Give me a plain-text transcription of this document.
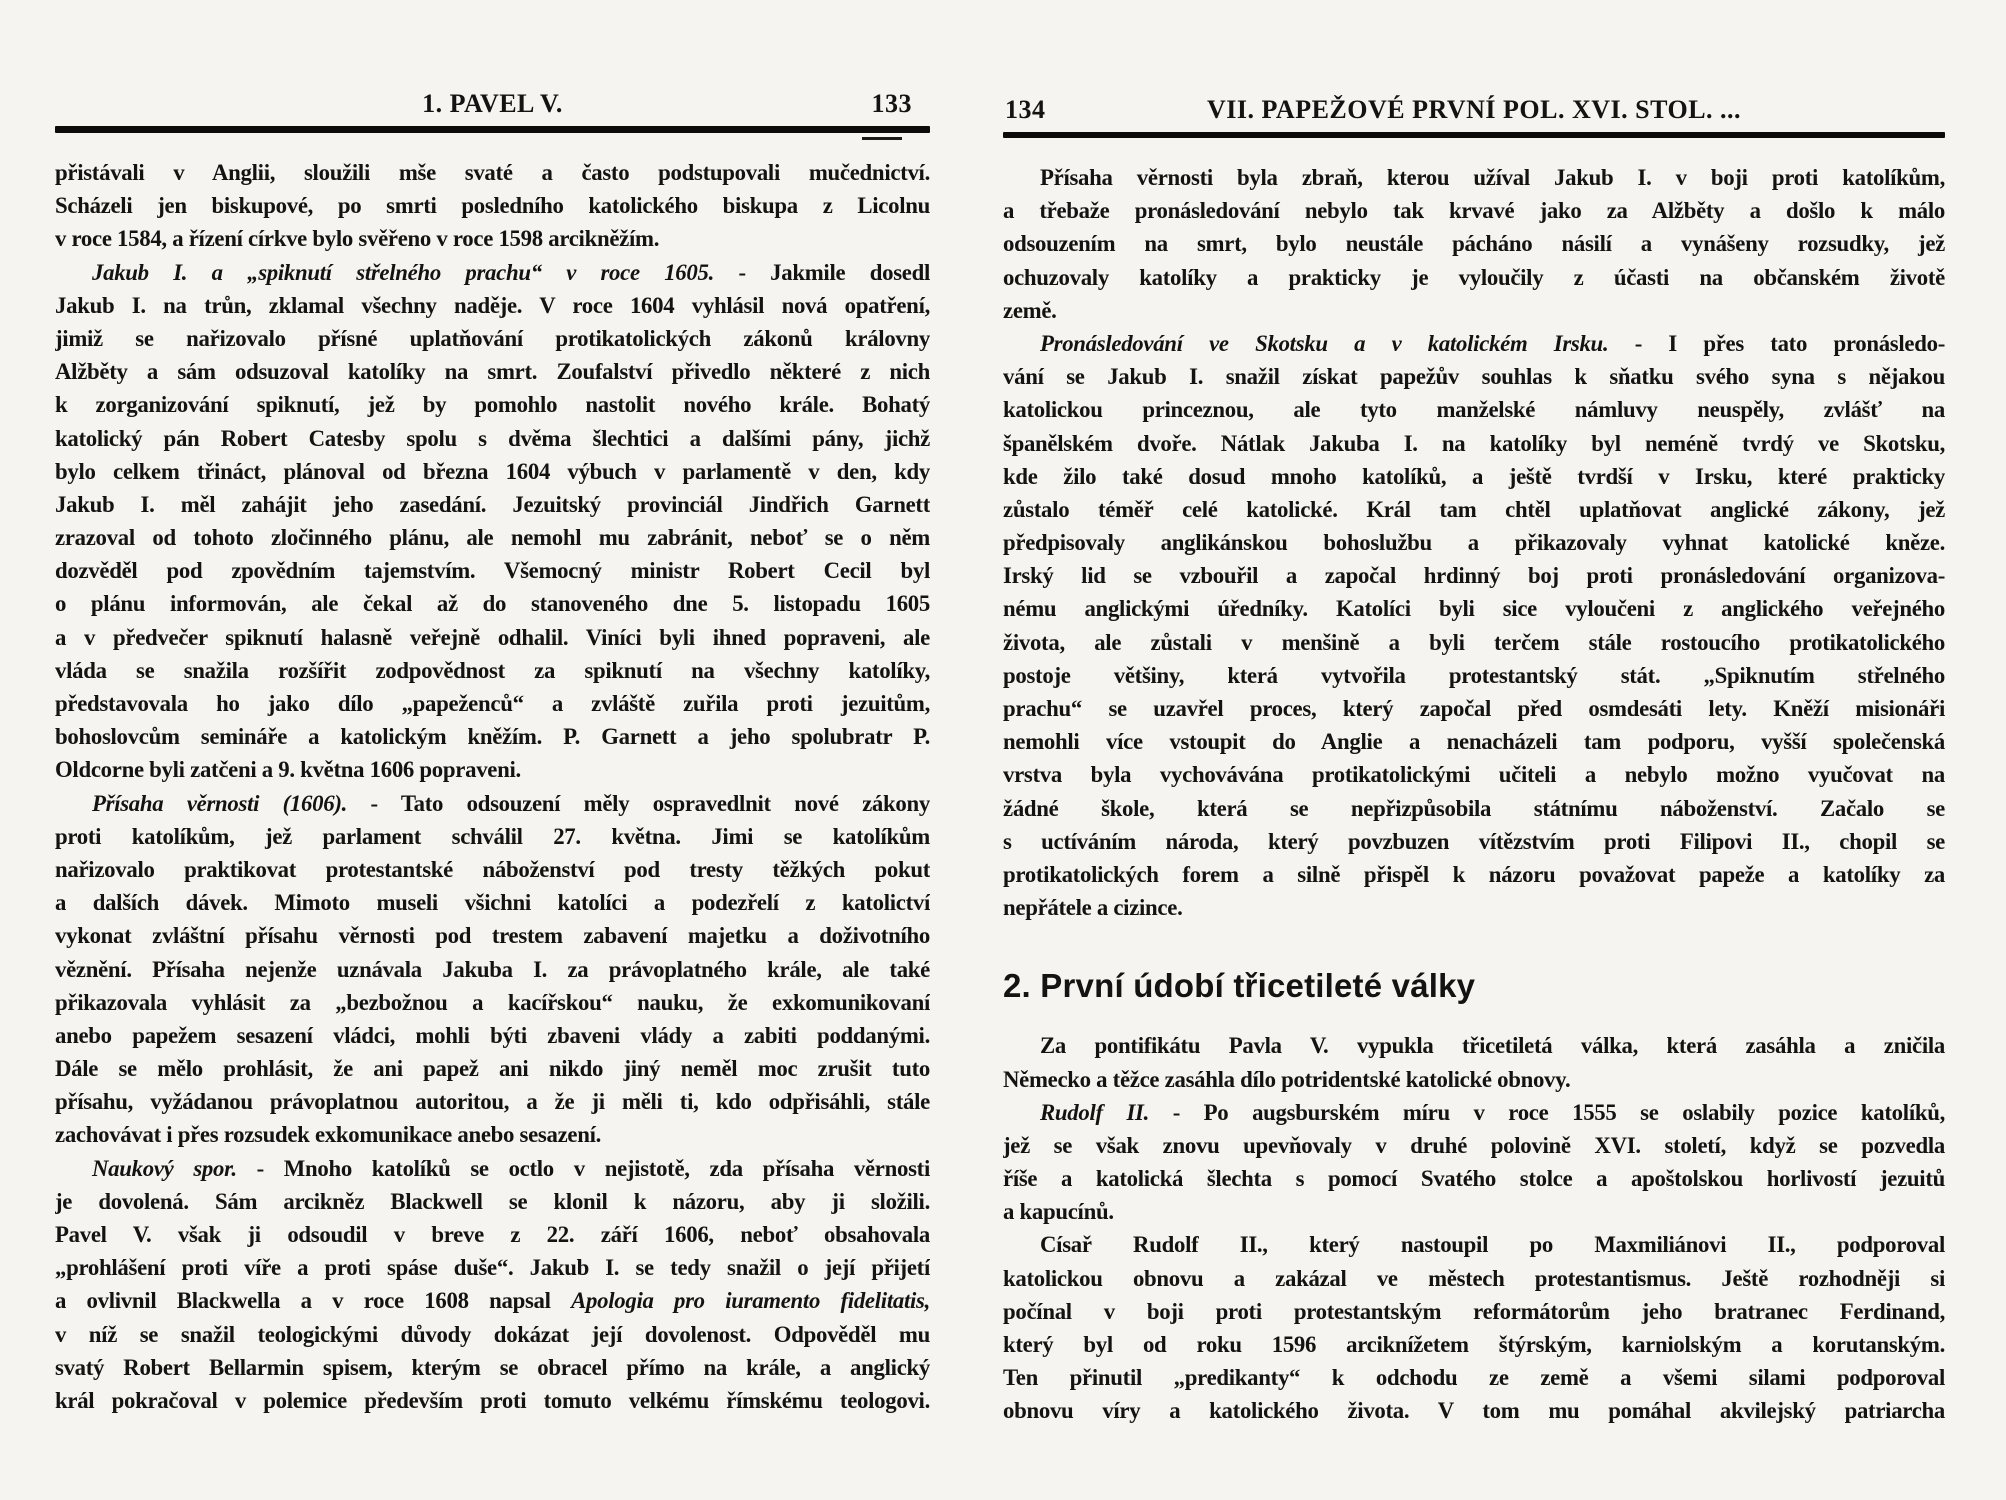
1. PAVEL V.	133
přistávali v Anglii, sloužili mše svaté a často podstupovali mučednictví.
Scházeli jen biskupové, po smrti posledního katolického biskupa z Licolnu
v roce 1584, a řízení církve bylo svěřeno v roce 1598 arcikněžím.
Jakub I. a „spiknutí střelného prachu“ v roce 1605. - Jakmile dosedl
Jakub I. na trůn, zklamal všechny naděje. V roce 1604 vyhlásil nová opatření,
jimiž se nařizovalo přísné uplatňování protikatolických zákonů královny
Alžběty a sám odsuzoval katolíky na smrt. Zoufalství přivedlo některé z nich
k zorganizování spiknutí, jež by pomohlo nastolit nového krále. Bohatý
katolický pán Robert Catesby spolu s dvěma šlechtici a dalšími pány, jichž
bylo celkem třináct, plánoval od března 1604 výbuch v parlamentě v den, kdy
Jakub I. měl zahájit jeho zasedání. Jezuitský provinciál Jindřich Garnett
zrazoval od tohoto zločinného plánu, ale nemohl mu zabránit, neboť se o něm
dozvěděl pod zpovědním tajemstvím. Všemocný ministr Robert Cecil byl
o plánu informován, ale čekal až do stanoveného dne 5. listopadu 1605
a v předvečer spiknutí halasně veřejně odhalil. Viníci byli ihned popraveni, ale
vláda se snažila rozšířit zodpovědnost za spiknutí na všechny katolíky,
představovala ho jako dílo „papeženců“ a zvláště zuřila proti jezuitům,
bohoslovcům semináře a katolickým kněžím. P. Garnett a jeho spolubratr P.
Oldcorne byli zatčeni a 9. května 1606 popraveni.
Přísaha věrnosti (1606). - Tato odsouzení měly ospravedlnit nové zákony
proti katolíkům, jež parlament schválil 27. května. Jimi se katolíkům
nařizovalo praktikovat protestantské náboženství pod tresty těžkých pokut
a dalších dávek. Mimoto museli všichni katolíci a podezřelí z katolictví
vykonat zvláštní přísahu věrnosti pod trestem zabavení majetku a doživotního
věznění. Přísaha nejenže uznávala Jakuba I. za právoplatného krále, ale také
přikazovala vyhlásit za „bezbožnou a kacířskou“ nauku, že exkomunikovaní
anebo papežem sesazení vládci, mohli býti zbaveni vlády a zabiti poddanými.
Dále se mělo prohlásit, že ani papež ani nikdo jiný neměl moc zrušit tuto
přísahu, vyžádanou právoplatnou autoritou, a že ji měli ti, kdo odpřisáhli, stále
zachovávat i přes rozsudek exkomunikace anebo sesazení.
Naukový spor. - Mnoho katolíků se octlo v nejistotě, zda přísaha věrnosti
je dovolená. Sám arcikněz Blackwell se klonil k názoru, aby ji složili.
Pavel V. však ji odsoudil v breve z 22. září 1606, neboť obsahovala
„prohlášení proti víře a proti spáse duše“. Jakub I. se tedy snažil o její přijetí
a ovlivnil Blackwella a v roce 1608 napsal Apologia pro iuramento fidelitatis,
v níž se snažil teologickými důvody dokázat její dovolenost. Odpověděl mu
svatý Robert Bellarmin spisem, kterým se obracel přímo na krále, a anglický
král pokračoval v polemice především proti tomuto velkému římskému teologovi.
134	VII. PAPEŽOVÉ PRVNÍ POL. XVI. STOL. ...
Přísaha věrnosti byla zbraň, kterou užíval Jakub I. v boji proti katolíkům,
a třebaže pronásledování nebylo tak krvavé jako za Alžběty a došlo k málo
odsouzením na smrt, bylo neustále pácháno násilí a vynášeny rozsudky, jež
ochuzovaly katolíky a prakticky je vyloučily z účasti na občanském životě
země.
Pronásledování ve Skotsku a v katolickém Irsku. - I přes tato pronásledo-
vání se Jakub I. snažil získat papežův souhlas k sňatku svého syna s nějakou
katolickou princeznou, ale tyto manželské námluvy neuspěly, zvlášť na
španělském dvoře. Nátlak Jakuba I. na katolíky byl neméně tvrdý ve Skotsku,
kde žilo také dosud mnoho katolíků, a ještě tvrdší v Irsku, které prakticky
zůstalo téměř celé katolické. Král tam chtěl uplatňovat anglické zákony, jež
předpisovaly anglikánskou bohoslužbu a přikazovaly vyhnat katolické kněze.
Irský lid se vzbouřil a započal hrdinný boj proti pronásledování organizova-
nému anglickými úředníky. Katolíci byli sice vyloučeni z anglického veřejného
života, ale zůstali v menšině a byli terčem stále rostoucího protikatolického
postoje většiny, která vytvořila protestantský stát. „Spiknutím střelného
prachu“ se uzavřel proces, který započal před osmdesáti lety. Kněží misionáři
nemohli více vstoupit do Anglie a nenacházeli tam podporu, vyšší společenská
vrstva byla vychovávána protikatolickými učiteli a nebylo možno vyučovat na
žádné škole, která se nepřizpůsobila státnímu náboženství. Začalo se
s uctíváním národa, který povzbuzen vítězstvím proti Filipovi II., chopil se
protikatolických forem a silně přispěl k názoru považovat papeže a katolíky za
nepřátele a cizince.
2. První údobí třicetileté války
Za pontifikátu Pavla V. vypukla třicetiletá válka, která zasáhla a zničila
Německo a těžce zasáhla dílo potridentské katolické obnovy.
Rudolf II. - Po augsburském míru v roce 1555 se oslabily pozice katolíků,
jež se však znovu upevňovaly v druhé polovině XVI. století, když se pozvedla
říše a katolická šlechta s pomocí Svatého stolce a apoštolskou horlivostí jezuitů
a kapucínů.
Císař Rudolf II., který nastoupil po Maxmiliánovi II., podporoval
katolickou obnovu a zakázal ve městech protestantismus. Ještě rozhodněji si
počínal v boji proti protestantským reformátorům jeho bratranec Ferdinand,
který byl od roku 1596 arciknížetem štýrským, karniolským a korutanským.
Ten přinutil „predikanty“ k odchodu ze země a všemi silami podporoval
obnovu víry a katolického života. V tom mu pomáhal akvilejský patriarcha
